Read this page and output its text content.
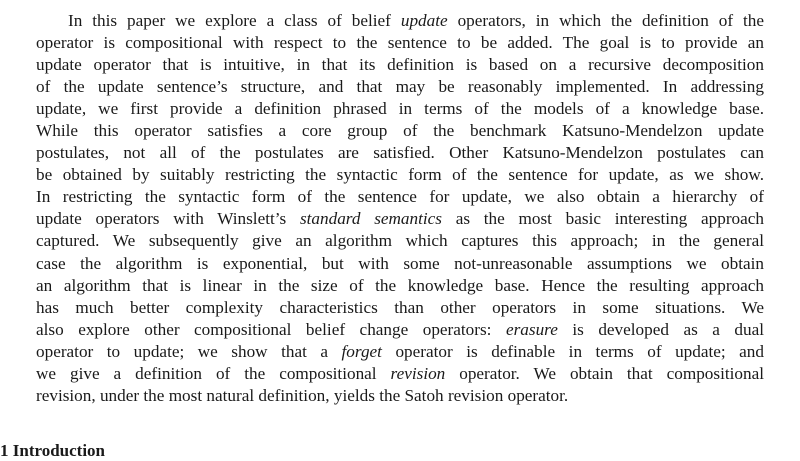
In this paper we explore a class of belief update operators, in which the definition of the
operator is compositional with respect to the sentence to be added. The goal is to provide an
update operator that is intuitive, in that its definition is based on a recursive decomposition
of the update sentence’s structure, and that may be reasonably implemented. In addressing
update, we first provide a definition phrased in terms of the models of a knowledge base.
While this operator satisfies a core group of the benchmark Katsuno-Mendelzon update
postulates, not all of the postulates are satisfied. Other Katsuno-Mendelzon postulates can
be obtained by suitably restricting the syntactic form of the sentence for update, as we show.
In restricting the syntactic form of the sentence for update, we also obtain a hierarchy of
update operators with Winslett’s standard semantics as the most basic interesting approach
captured. We subsequently give an algorithm which captures this approach; in the general
case the algorithm is exponential, but with some not-unreasonable assumptions we obtain
an algorithm that is linear in the size of the knowledge base. Hence the resulting approach
has much better complexity characteristics than other operators in some situations. We
also explore other compositional belief change operators: erasure is developed as a dual
operator to update; we show that a forget operator is definable in terms of update; and
we give a definition of the compositional revision operator. We obtain that compositional
revision, under the most natural definition, yields the Satoh revision operator.
1 Introduction
